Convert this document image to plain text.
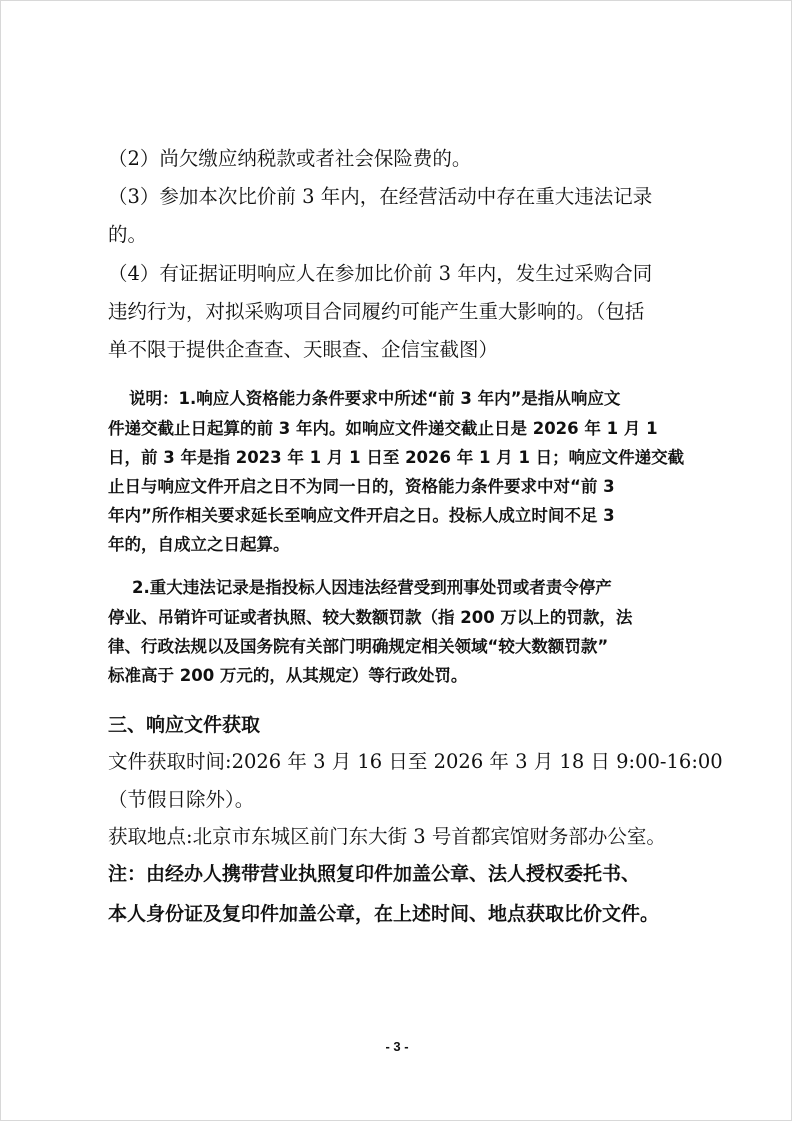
（2）尚欠缴应纳税款或者社会保险费的。
（3）参加本次比价前 3 年内，在经营活动中存在重大违法记录
的。
（4）有证据证明响应人在参加比价前 3 年内，发生过采购合同
违约行为，对拟采购项目合同履约可能产生重大影响的。（包括
单不限于提供企查查、天眼查、企信宝截图）
说明：1.响应人资格能力条件要求中所述“前 3 年内”是指从响应文
件递交截止日起算的前 3 年内。如响应文件递交截止日是 2026 年 1 月 1
日，前 3 年是指 2023 年 1 月 1 日至 2026 年 1 月 1 日；响应文件递交截
止日与响应文件开启之日不为同一日的，资格能力条件要求中对“前 3
年内”所作相关要求延长至响应文件开启之日。投标人成立时间不足 3
年的，自成立之日起算。
2.重大违法记录是指投标人因违法经营受到刑事处罚或者责令停产
停业、吊销许可证或者执照、较大数额罚款（指 200 万以上的罚款，法
律、行政法规以及国务院有关部门明确规定相关领域“较大数额罚款”
标准高于 200 万元的，从其规定）等行政处罚。
三、响应文件获取
文件获取时间:2026 年 3 月 16 日至 2026 年 3 月 18 日 9:00-16:00
（节假日除外）。
获取地点:北京市东城区前门东大街 3 号首都宾馆财务部办公室。
注：由经办人携带营业执照复印件加盖公章、法人授权委托书、
本人身份证及复印件加盖公章，在上述时间、地点获取比价文件。
- 3 -
